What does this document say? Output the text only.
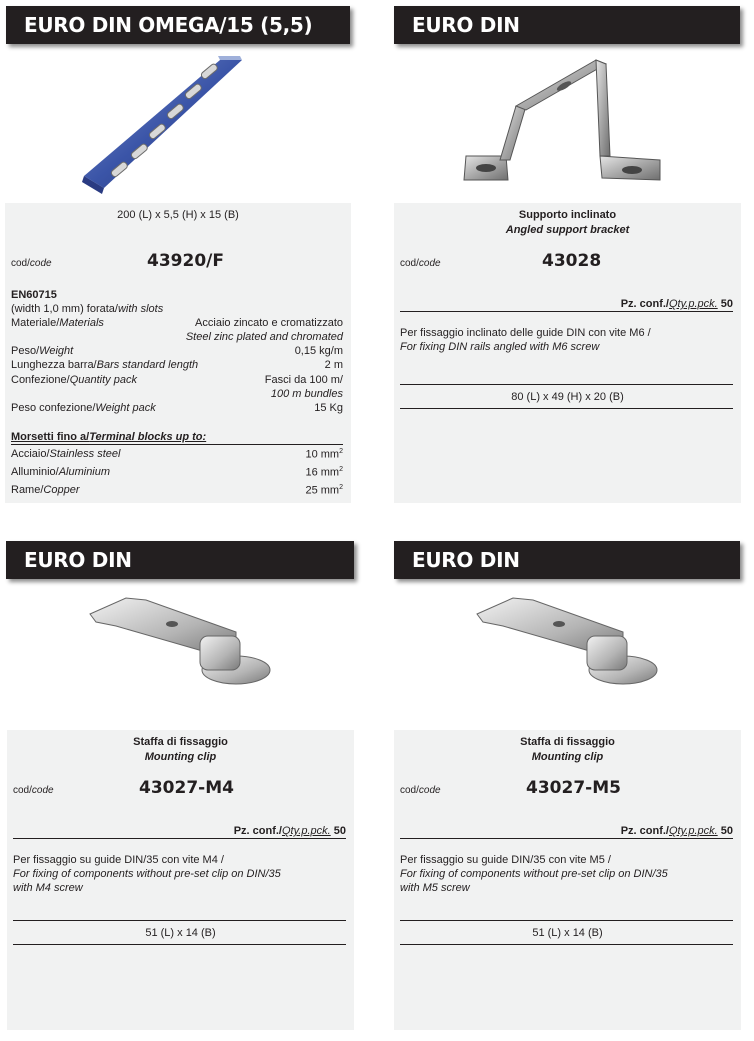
EURO DIN OMEGA/15 (5,5)	EURO DIN
EURO DIN	EURO DIN
200 (L) x 5,5 (H) x 15 (B)
cod/code	43920/F
EN60715
(width 1,0 mm) forata/with slots
Materiale/Materials	Acciaio zincato e cromatizzato
Steel zinc plated and chromated
Peso/Weight	0,15 kg/m
Lunghezza barra/Bars standard length	2 m
Confezione/Quantity pack	Fasci da 100 m/
100 m bundles
Peso confezione/Weight pack	15 Kg
Morsetti fino a/Terminal blocks up to:
Acciaio/Stainless steel	10 $mm^2$
Alluminio/Aluminium	16 $mm^2$
Rame/Copper	25 $mm^2$
Supporto inclinato
Angled support bracket
cod/code	43028
Pz. conf./Qty.p.pck. 50
Per fissaggio inclinato delle guide DIN con vite M6 /
For fixing DIN rails angled with M6 screw
80 (L) x 49 (H) x 20 (B)
Staffa di fissaggio
Mounting clip
cod/code	43027-M4
Pz. conf./Qty.p.pck. 50
Per fissaggio su guide DIN/35 con vite M4 /
For fixing of components without pre-set clip on DIN/35
with M4 screw
51 (L) x 14 (B)
Staffa di fissaggio
Mounting clip
cod/code	43027-M5
Pz. conf./Qty.p.pck. 50
Per fissaggio su guide DIN/35 con vite M5 /
For fixing of components without pre-set clip on DIN/35
with M5 screw
51 (L) x 14 (B)
